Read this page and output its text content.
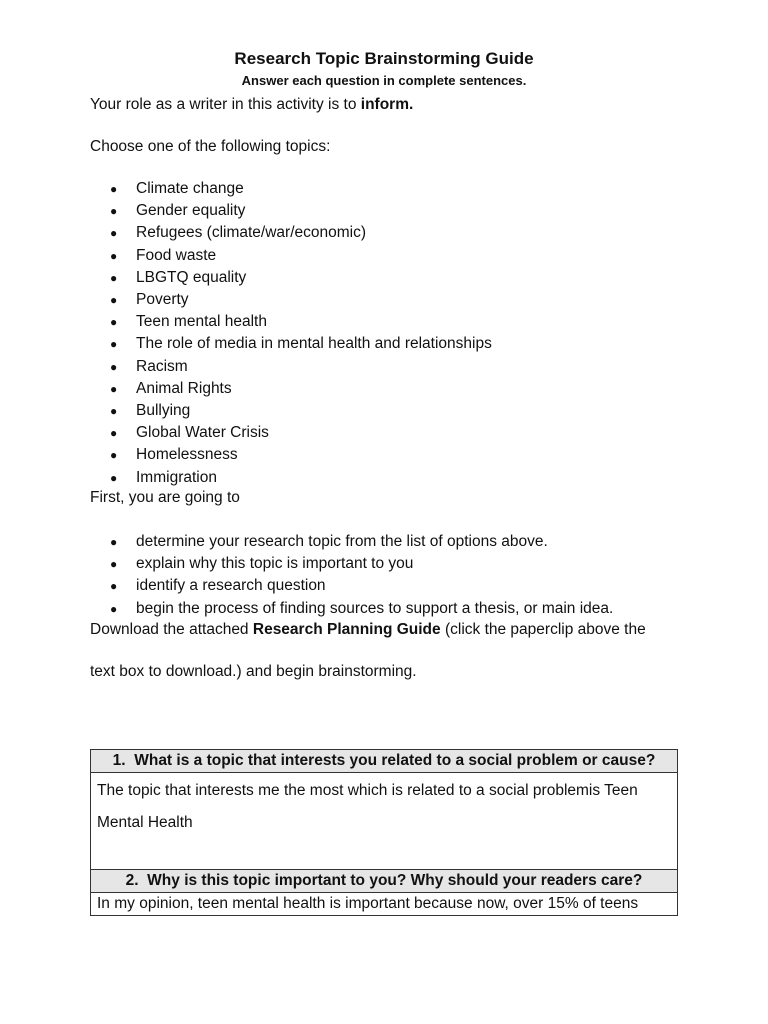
Research Topic Brainstorming Guide
Answer each question in complete sentences.
Your role as a writer in this activity is to inform.
Choose one of the following topics:
● Climate change
● Gender equality
● Refugees (climate/war/economic)
● Food waste
● LBGTQ equality
● Poverty
● Teen mental health
● The role of media in mental health and relationships
● Racism
● Animal Rights
● Bullying
● Global Water Crisis
● Homelessness
● Immigration
First, you are going to
● determine your research topic from the list of options above.
● explain why this topic is important to you
● identify a research question
● begin the process of finding sources to support a thesis, or main idea.
Download the attached Research Planning Guide (click the paperclip above the
text box to download.) and begin brainstorming.
1. What is a topic that interests you related to a social problem or cause?
The topic that interests me the most which is related to a social problemis Teen Mental Health
2. Why is this topic important to you? Why should your readers care?
In my opinion, teen mental health is important because now, over 15% of teens
